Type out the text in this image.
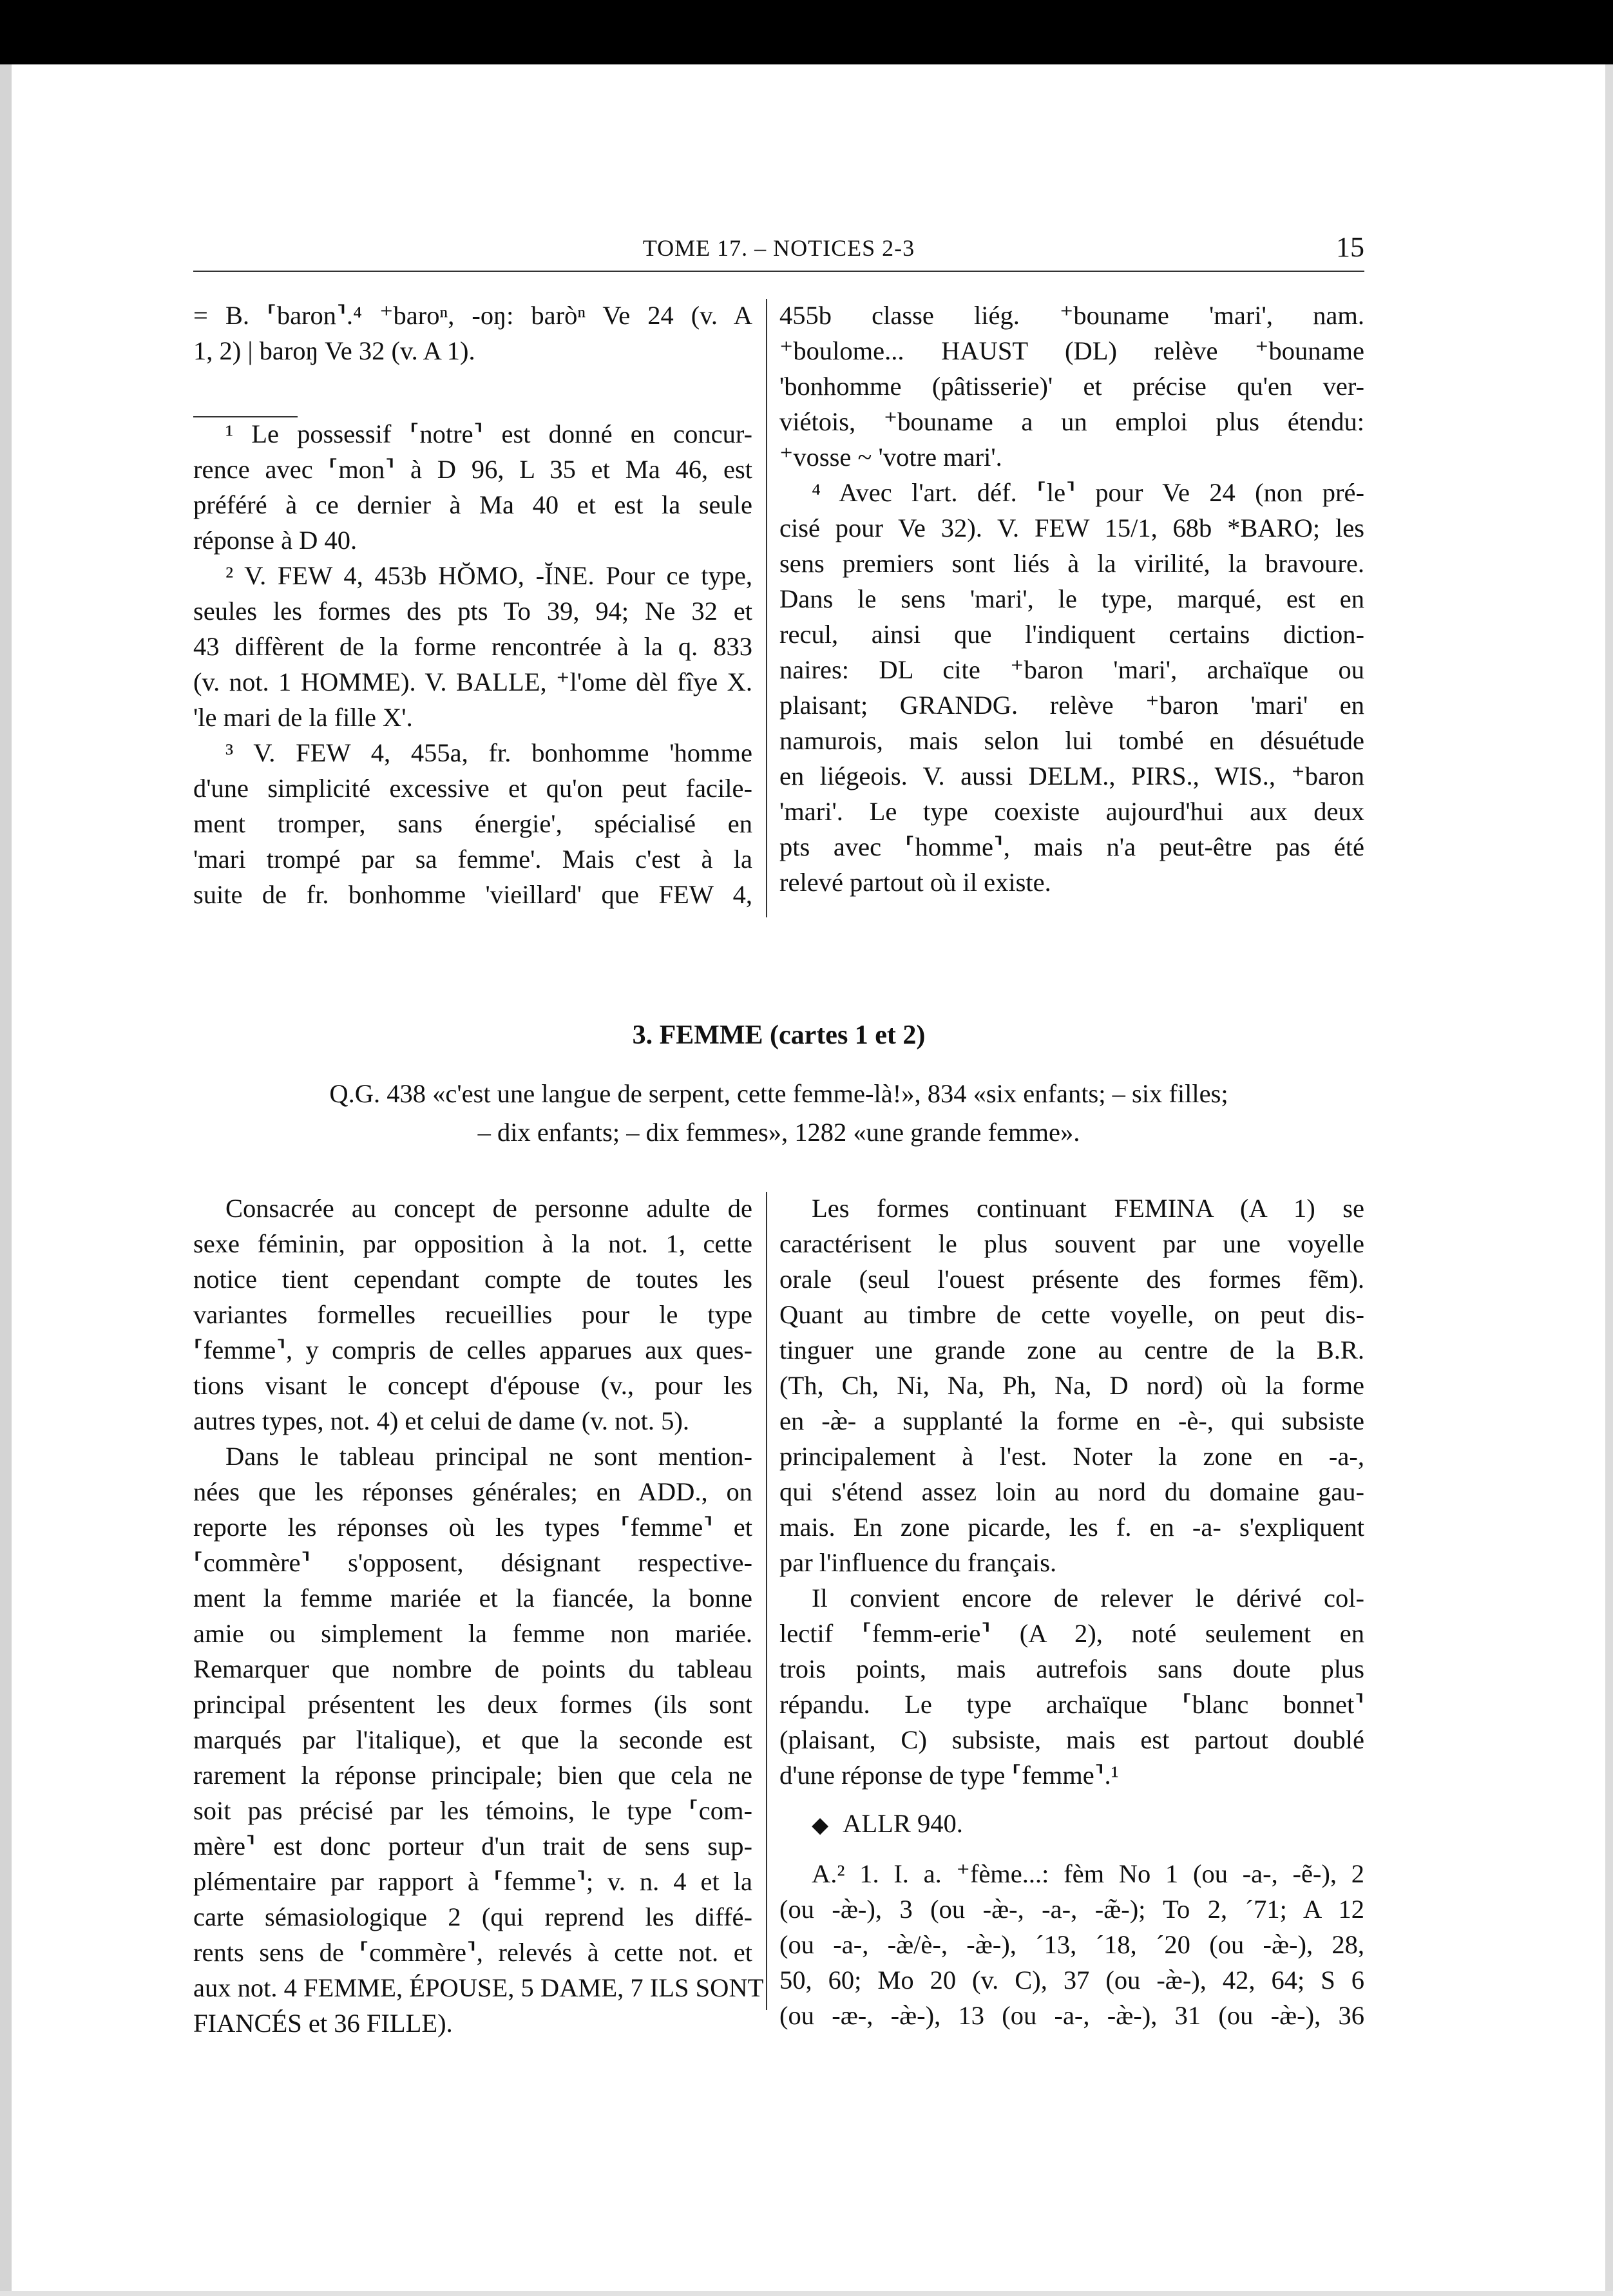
TOME 17. – NOTICES 2-3	15

= B. ⸢baron⸣.⁴ ⁺baroⁿ, -oŋ: baròⁿ Ve 24 (v. A
1, 2) | baroŋ Ve 32 (v. A 1).

¹ Le possessif ⸢notre⸣ est donné en concur-
rence avec ⸢mon⸣ à D 96, L 35 et Ma 46, est
préféré à ce dernier à Ma 40 et est la seule
réponse à D 40.

² V. FEW 4, 453b HŎMO, -ĬNE. Pour ce type,
seules les formes des pts To 39, 94; Ne 32 et
43 diffèrent de la forme rencontrée à la q. 833
(v. not. 1 HOMME). V. BALLE, ⁺l'ome dèl fîye X.
'le mari de la fille X'.

³ V. FEW 4, 455a, fr. bonhomme 'homme
d'une simplicité excessive et qu'on peut facile-
ment tromper, sans énergie', spécialisé en
'mari trompé par sa femme'. Mais c'est à la
suite de fr. bonhomme 'vieillard' que FEW 4,

455b classe liég. ⁺bouname 'mari', nam.
⁺boulome... HAUST (DL) relève ⁺bouname
'bonhomme (pâtisserie)' et précise qu'en ver-
viétois, ⁺bouname a un emploi plus étendu:
⁺vosse ~ 'votre mari'.

⁴ Avec l'art. déf. ⸢le⸣ pour Ve 24 (non pré-
cisé pour Ve 32). V. FEW 15/1, 68b *BARO; les
sens premiers sont liés à la virilité, la bravoure.
Dans le sens 'mari', le type, marqué, est en
recul, ainsi que l'indiquent certains diction-
naires: DL cite ⁺baron 'mari', archaïque ou
plaisant; GRANDG. relève ⁺baron 'mari' en
namurois, mais selon lui tombé en désuétude
en liégeois. V. aussi DELM., PIRS., WIS., ⁺baron
'mari'. Le type coexiste aujourd'hui aux deux
pts avec ⸢homme⸣, mais n'a peut-être pas été
relevé partout où il existe.

3. FEMME (cartes 1 et 2)
Q.G. 438 «c'est une langue de serpent, cette femme-là!», 834 «six enfants; – six filles;
– dix enfants; – dix femmes», 1282 «une grande femme».

Consacrée au concept de personne adulte de
sexe féminin, par opposition à la not. 1, cette
notice tient cependant compte de toutes les
variantes formelles recueillies pour le type
⸢femme⸣, y compris de celles apparues aux ques-
tions visant le concept d'épouse (v., pour les
autres types, not. 4) et celui de dame (v. not. 5).

Dans le tableau principal ne sont mention-
nées que les réponses générales; en ADD., on
reporte les réponses où les types ⸢femme⸣ et
⸢commère⸣ s'opposent, désignant respective-
ment la femme mariée et la fiancée, la bonne
amie ou simplement la femme non mariée.
Remarquer que nombre de points du tableau
principal présentent les deux formes (ils sont
marqués par l'italique), et que la seconde est
rarement la réponse principale; bien que cela ne
soit pas précisé par les témoins, le type ⸢com-
mère⸣ est donc porteur d'un trait de sens sup-
plémentaire par rapport à ⸢femme⸣; v. n. 4 et la
carte sémasiologique 2 (qui reprend les diffé-
rents sens de ⸢commère⸣, relevés à cette not. et
aux not. 4 FEMME, ÉPOUSE, 5 DAME, 7 ILS SONT
FIANCÉS et 36 FILLE).

Les formes continuant FEMINA (A 1) se
caractérisent le plus souvent par une voyelle
orale (seul l'ouest présente des formes fẽm).
Quant au timbre de cette voyelle, on peut dis-
tinguer une grande zone au centre de la B.R.
(Th, Ch, Ni, Na, Ph, Na, D nord) où la forme
en -æ̀- a supplanté la forme en -è-, qui subsiste
principalement à l'est. Noter la zone en -a-,
qui s'étend assez loin au nord du domaine gau-
mais. En zone picarde, les f. en -a- s'expliquent
par l'influence du français.

Il convient encore de relever le dérivé col-
lectif ⸢femm-erie⸣ (A 2), noté seulement en
trois points, mais autrefois sans doute plus
répandu. Le type archaïque ⸢blanc bonnet⸣
(plaisant, C) subsiste, mais est partout doublé
d'une réponse de type ⸢femme⸣.¹

◆ ALLR 940.

A.² 1. I. a. ⁺fème...: fèm No 1 (ou -a-, -ẽ-), 2
(ou -æ̀-), 3 (ou -æ̀-, -a-, -æ̃-); To 2, ´71; A 12
(ou -a-, -æ̀/è-, -æ̀-), ´13, ´18, ´20 (ou -æ̀-), 28,
50, 60; Mo 20 (v. C), 37 (ou -æ̀-), 42, 64; S 6
(ou -æ-, -æ̀-), 13 (ou -a-, -æ̀-), 31 (ou -æ̀-), 36
